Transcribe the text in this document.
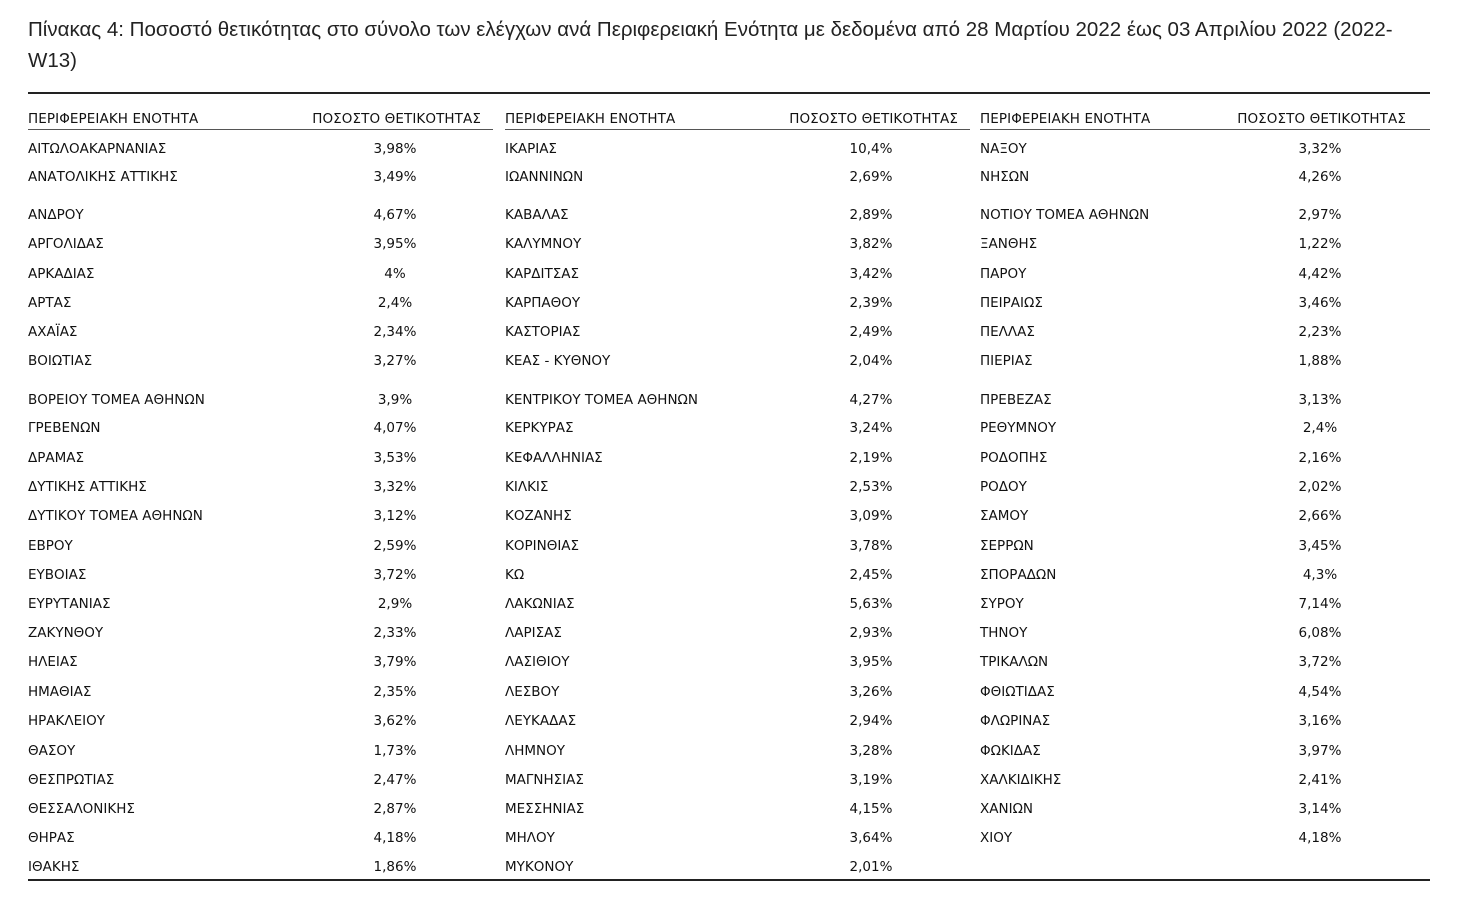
Πίνακας 4: Ποσοστό θετικότητας στο σύνολο των ελέγχων ανά Περιφερειακή Ενότητα με δεδομένα από 28 Μαρτίου 2022 έως 03 Απριλίου 2022 (2022-W13)
ΠΕΡΙΦΕΡΕΙΑΚΗ ΕΝΟΤΗΤΑ	ΠΟΣΟΣΤΟ ΘΕΤΙΚΟΤΗΤΑΣ
ΑΙΤΩΛΟΑΚΑΡΝΑΝΙΑΣ	3,98%
ΑΝΑΤΟΛΙΚΗΣ ΑΤΤΙΚΗΣ	3,49%
ΑΝΔΡΟΥ	4,67%
ΑΡΓΟΛΙΔΑΣ	3,95%
ΑΡΚΑΔΙΑΣ	4%
ΑΡΤΑΣ	2,4%
ΑΧΑΪΑΣ	2,34%
ΒΟΙΩΤΙΑΣ	3,27%
ΒΟΡΕΙΟΥ ΤΟΜΕΑ ΑΘΗΝΩΝ	3,9%
ΓΡΕΒΕΝΩΝ	4,07%
ΔΡΑΜΑΣ	3,53%
ΔΥΤΙΚΗΣ ΑΤΤΙΚΗΣ	3,32%
ΔΥΤΙΚΟΥ ΤΟΜΕΑ ΑΘΗΝΩΝ	3,12%
ΕΒΡΟΥ	2,59%
ΕΥΒΟΙΑΣ	3,72%
ΕΥΡΥΤΑΝΙΑΣ	2,9%
ΖΑΚΥΝΘΟΥ	2,33%
ΗΛΕΙΑΣ	3,79%
ΗΜΑΘΙΑΣ	2,35%
ΗΡΑΚΛΕΙΟΥ	3,62%
ΘΑΣΟΥ	1,73%
ΘΕΣΠΡΩΤΙΑΣ	2,47%
ΘΕΣΣΑΛΟΝΙΚΗΣ	2,87%
ΘΗΡΑΣ	4,18%
ΙΘΑΚΗΣ	1,86%
ΠΕΡΙΦΕΡΕΙΑΚΗ ΕΝΟΤΗΤΑ	ΠΟΣΟΣΤΟ ΘΕΤΙΚΟΤΗΤΑΣ
ΙΚΑΡΙΑΣ	10,4%
ΙΩΑΝΝΙΝΩΝ	2,69%
ΚΑΒΑΛΑΣ	2,89%
ΚΑΛΥΜΝΟΥ	3,82%
ΚΑΡΔΙΤΣΑΣ	3,42%
ΚΑΡΠΑΘΟΥ	2,39%
ΚΑΣΤΟΡΙΑΣ	2,49%
ΚΕΑΣ - ΚΥΘΝΟΥ	2,04%
ΚΕΝΤΡΙΚΟΥ ΤΟΜΕΑ ΑΘΗΝΩΝ	4,27%
ΚΕΡΚΥΡΑΣ	3,24%
ΚΕΦΑΛΛΗΝΙΑΣ	2,19%
ΚΙΛΚΙΣ	2,53%
ΚΟΖΑΝΗΣ	3,09%
ΚΟΡΙΝΘΙΑΣ	3,78%
ΚΩ	2,45%
ΛΑΚΩΝΙΑΣ	5,63%
ΛΑΡΙΣΑΣ	2,93%
ΛΑΣΙΘΙΟΥ	3,95%
ΛΕΣΒΟΥ	3,26%
ΛΕΥΚΑΔΑΣ	2,94%
ΛΗΜΝΟΥ	3,28%
ΜΑΓΝΗΣΙΑΣ	3,19%
ΜΕΣΣΗΝΙΑΣ	4,15%
ΜΗΛΟΥ	3,64%
ΜΥΚΟΝΟΥ	2,01%
ΠΕΡΙΦΕΡΕΙΑΚΗ ΕΝΟΤΗΤΑ	ΠΟΣΟΣΤΟ ΘΕΤΙΚΟΤΗΤΑΣ
ΝΑΞΟΥ	3,32%
ΝΗΣΩΝ	4,26%
ΝΟΤΙΟΥ ΤΟΜΕΑ ΑΘΗΝΩΝ	2,97%
ΞΑΝΘΗΣ	1,22%
ΠΑΡΟΥ	4,42%
ΠΕΙΡΑΙΩΣ	3,46%
ΠΕΛΛΑΣ	2,23%
ΠΙΕΡΙΑΣ	1,88%
ΠΡΕΒΕΖΑΣ	3,13%
ΡΕΘΥΜΝΟΥ	2,4%
ΡΟΔΟΠΗΣ	2,16%
ΡΟΔΟΥ	2,02%
ΣΑΜΟΥ	2,66%
ΣΕΡΡΩΝ	3,45%
ΣΠΟΡΑΔΩΝ	4,3%
ΣΥΡΟΥ	7,14%
ΤΗΝΟΥ	6,08%
ΤΡΙΚΑΛΩΝ	3,72%
ΦΘΙΩΤΙΔΑΣ	4,54%
ΦΛΩΡΙΝΑΣ	3,16%
ΦΩΚΙΔΑΣ	3,97%
ΧΑΛΚΙΔΙΚΗΣ	2,41%
ΧΑΝΙΩΝ	3,14%
ΧΙΟΥ	4,18%
